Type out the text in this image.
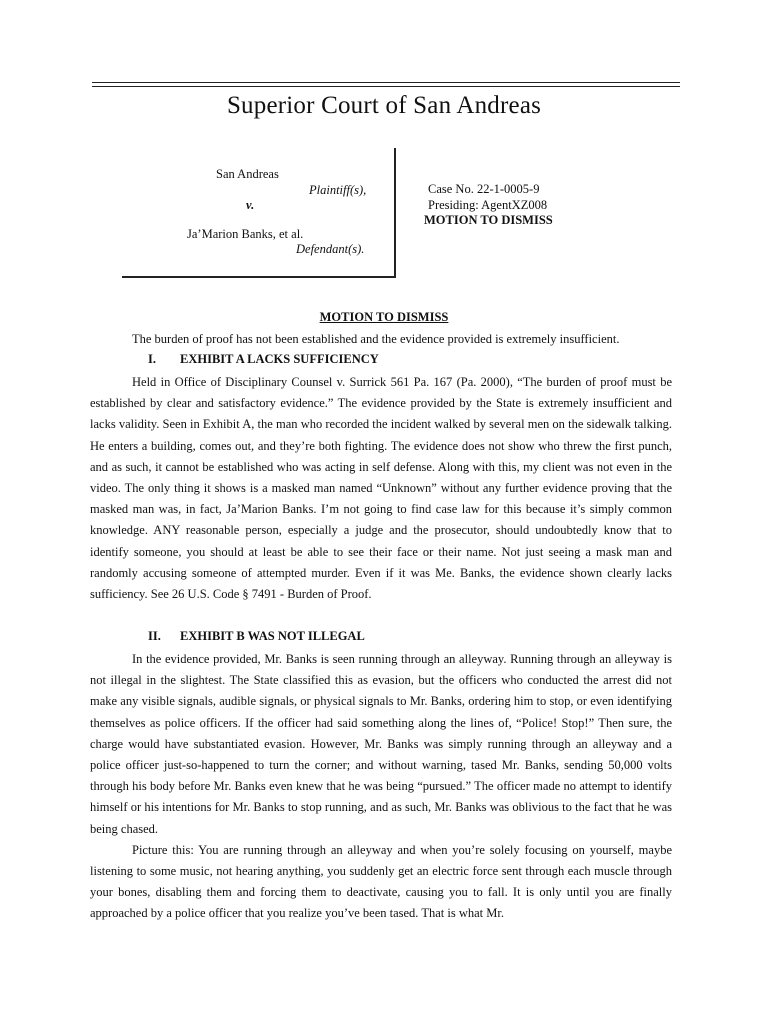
Superior Court of San Andreas
San Andreas
Plaintiff(s),
v.
Ja’Marion Banks, et al.
Defendant(s).
Case No. 22-1-0005-9
Presiding: AgentXZ008
MOTION TO DISMISS
MOTION TO DISMISS

The burden of proof has not been established and the evidence provided is extremely insufficient.

I. EXHIBIT A LACKS SUFFICIENCY

Held in Office of Disciplinary Counsel v. Surrick 561 Pa. 167 (Pa. 2000), “The burden of proof must be established by clear and satisfactory evidence.” The evidence provided by the State is extremely insufficient and lacks validity. Seen in Exhibit A, the man who recorded the incident walked by several men on the sidewalk talking. He enters a building, comes out, and they’re both fighting. The evidence does not show who threw the first punch, and as such, it cannot be established who was acting in self defense. Along with this, my client was not even in the video. The only thing it shows is a masked man named “Unknown” without any further evidence proving that the masked man was, in fact, Ja’Marion Banks. I’m not going to find case law for this because it’s simply common knowledge. ANY reasonable person, especially a judge and the prosecutor, should undoubtedly know that to identify someone, you should at least be able to see their face or their name. Not just seeing a mask man and randomly accusing someone of attempted murder. Even if it was Me. Banks, the evidence shown clearly lacks sufficiency. See 26 U.S. Code § 7491 - Burden of Proof.

II. EXHIBIT B WAS NOT ILLEGAL

In the evidence provided, Mr. Banks is seen running through an alleyway. Running through an alleyway is not illegal in the slightest. The State classified this as evasion, but the officers who conducted the arrest did not make any visible signals, audible signals, or physical signals to Mr. Banks, ordering him to stop, or even identifying themselves as police officers. If the officer had said something along the lines of, “Police! Stop!” Then sure, the charge would have substantiated evasion. However, Mr. Banks was simply running through an alleyway and a police officer just-so-happened to turn the corner; and without warning, tased Mr. Banks, sending 50,000 volts through his body before Mr. Banks even knew that he was being “pursued.” The officer made no attempt to identify himself or his intentions for Mr. Banks to stop running, and as such, Mr. Banks was oblivious to the fact that he was being chased.

Picture this: You are running through an alleyway and when you’re solely focusing on yourself, maybe listening to some music, not hearing anything, you suddenly get an electric force sent through each muscle through your bones, disabling them and forcing them to deactivate, causing you to fall. It is only until you are finally approached by a police officer that you realize you’ve been tased. That is what Mr.
